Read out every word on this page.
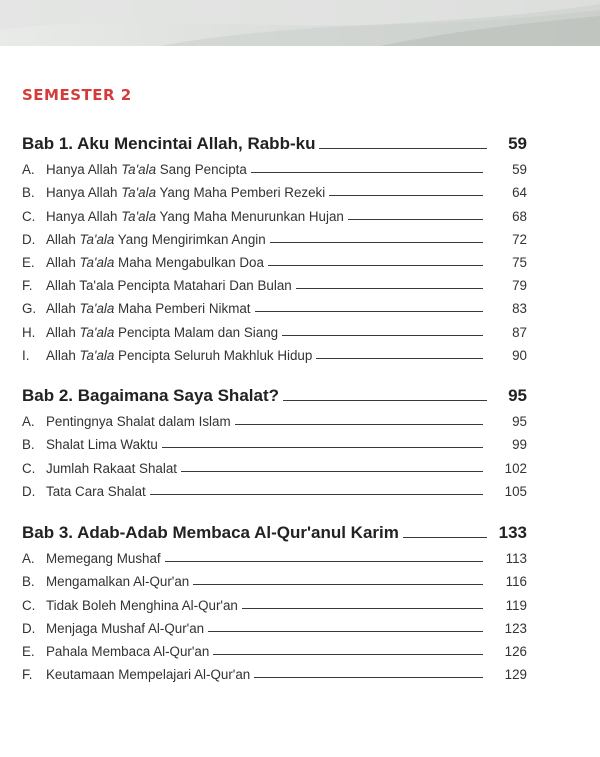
SEMESTER 2
Bab 1. Aku Mencintai Allah, Rabb-ku	59
A. Hanya Allah Ta'ala Sang Pencipta	59
B. Hanya Allah Ta'ala Yang Maha Pemberi Rezeki	64
C. Hanya Allah Ta'ala Yang Maha Menurunkan Hujan	68
D. Allah Ta'ala Yang Mengirimkan Angin	72
E. Allah Ta'ala Maha Mengabulkan Doa	75
F.	Allah Ta'ala Pencipta Matahari Dan Bulan	79
G. Allah Ta'ala Maha Pemberi Nikmat	83
H. Allah Ta'ala Pencipta Malam dan Siang	87
I.	Allah Ta'ala Pencipta Seluruh Makhluk Hidup	90
Bab 2. Bagaimana Saya Shalat?	95
A. Pentingnya Shalat dalam Islam	95
B. Shalat Lima Waktu	99
C. Jumlah Rakaat Shalat	102
D. Tata Cara Shalat	105
Bab 3. Adab-Adab Membaca Al-Qur'anul Karim	133
A. Memegang Mushaf	113
B. Mengamalkan Al-Qur'an	116
C. Tidak Boleh Menghina Al-Qur'an	119
D. Menjaga Mushaf Al-Qur'an	123
E. Pahala Membaca Al-Qur'an	126
F.	Keutamaan Mempelajari Al-Qur'an	129
